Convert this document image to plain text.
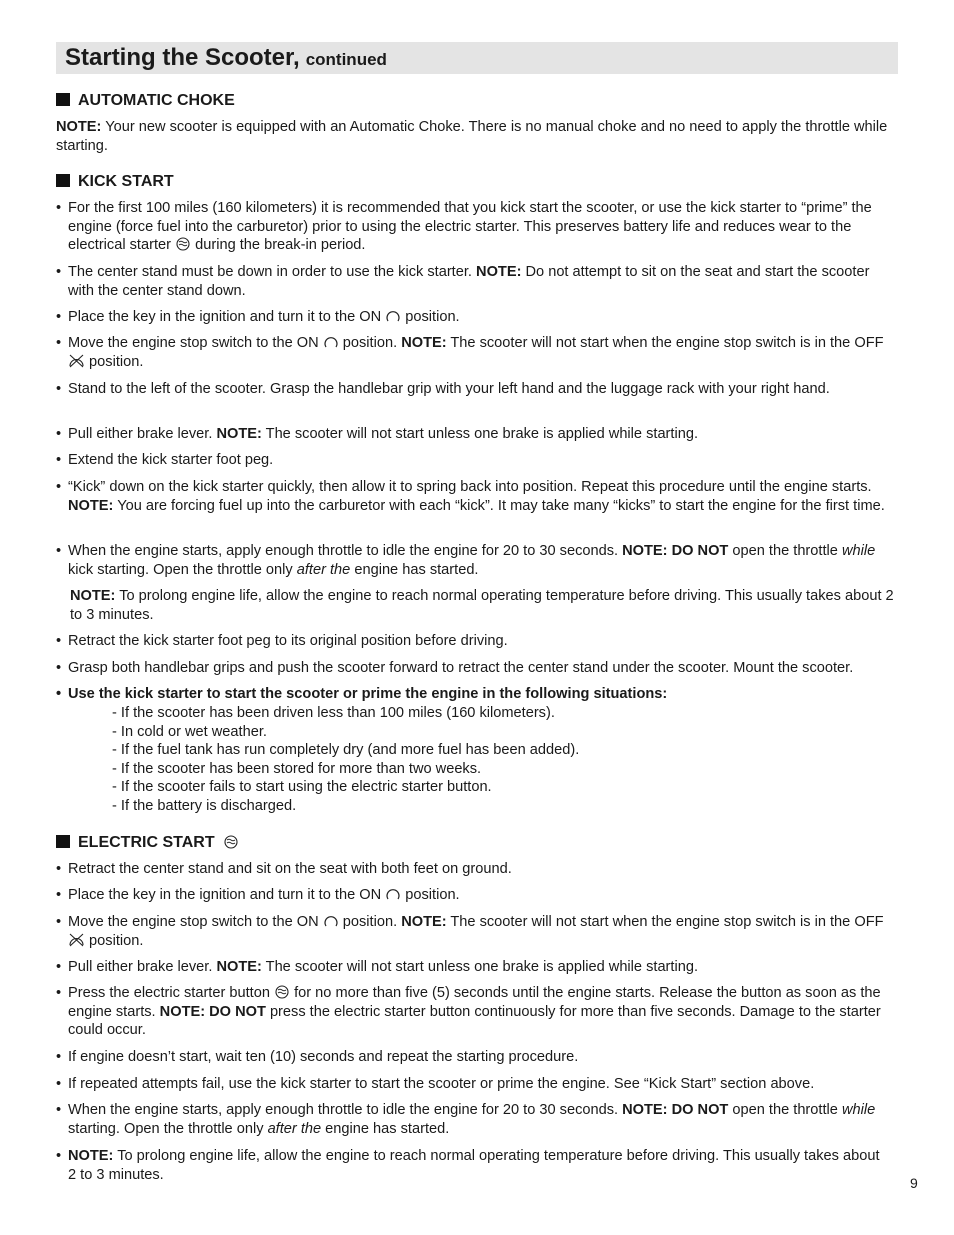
Starting the Scooter, continued
AUTOMATIC CHOKE
NOTE: Your new scooter is equipped with an Automatic Choke. There is no manual choke and no need to apply the throttle while starting.
KICK START
• For the first 100 miles (160 kilometers) it is recommended that you kick start the scooter, or use the kick starter to “prime” the engine (force fuel into the carburetor) prior to using the electric starter. This preserves battery life and reduces wear to the electrical starter
during the break-in period.
• The center stand must be down in order to use the kick starter. NOTE: Do not attempt to sit on the seat and start the scooter with the center stand down.
• Place the key in the ignition and turn it to the ON
position.
• Move the engine stop switch to the ON
position. NOTE: The scooter will not start when the engine stop switch is in the OFF
position.
• Stand to the left of the scooter. Grasp the handlebar grip with your left hand and the luggage rack with your right hand.
• Pull either brake lever. NOTE: The scooter will not start unless one brake is applied while starting.
• Extend the kick starter foot peg.
• “Kick” down on the kick starter quickly, then allow it to spring back into position. Repeat this procedure until the engine starts. NOTE: You are forcing fuel up into the carburetor with each “kick”. It may take many “kicks” to start the engine for the first time.
• When the engine starts, apply enough throttle to idle the engine for 20 to 30 seconds. NOTE: DO NOT open the throttle while kick starting. Open the throttle only after the engine has started.
NOTE: To prolong engine life, allow the engine to reach normal operating temperature before driving. This usually takes about 2 to 3 minutes.
• Retract the kick starter foot peg to its original position before driving.
• Grasp both handlebar grips and push the scooter forward to retract the center stand under the scooter. Mount the scooter.
• Use the kick starter to start the scooter or prime the engine in the following situations:
- If the scooter has been driven less than 100 miles (160 kilometers).
- In cold or wet weather.
- If the fuel tank has run completely dry (and more fuel has been added).
- If the scooter has been stored for more than two weeks.
- If the scooter fails to start using the electric starter button.
- If the battery is discharged.
ELECTRIC START
• Retract the center stand and sit on the seat with both feet on ground.
• Place the key in the ignition and turn it to the ON
position.
• Move the engine stop switch to the ON
position. NOTE: The scooter will not start when the engine stop switch is in the OFF
position.
• Pull either brake lever. NOTE: The scooter will not start unless one brake is applied while starting.
• Press the electric starter button
for no more than five (5) seconds until the engine starts. Release the button as soon as the engine starts. NOTE: DO NOT press the electric starter button continuously for more than five seconds. Damage to the starter could occur.
• If engine doesn’t start, wait ten (10) seconds and repeat the starting procedure.
• If repeated attempts fail, use the kick starter to start the scooter or prime the engine. See “Kick Start” section above.
• When the engine starts, apply enough throttle to idle the engine for 20 to 30 seconds. NOTE: DO NOT open the throttle while starting. Open the throttle only after the engine has started.
• NOTE: To prolong engine life, allow the engine to reach normal operating temperature before driving. This usually takes about 2 to 3 minutes.
9
